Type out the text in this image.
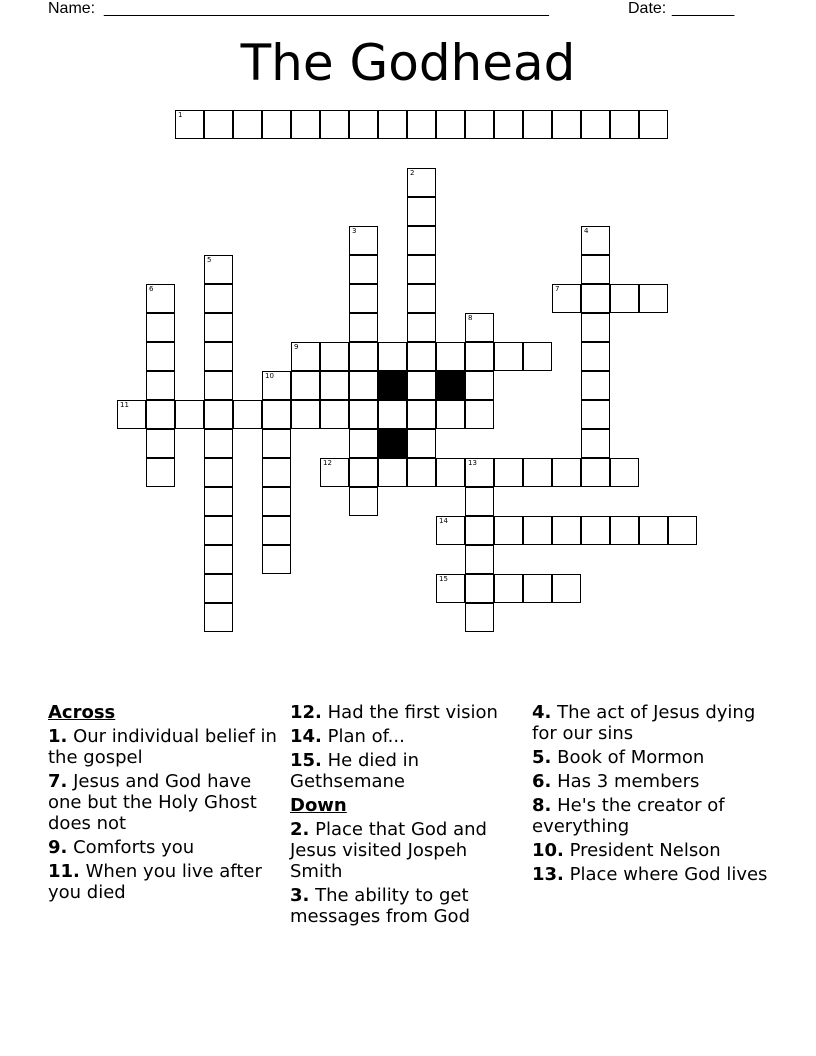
Name: __________________________________________________	Date: _______
The Godhead
1
7
9
10
11
12	13
14
15
2
3	4
5
6
8
Across
1. Our individual belief in the gospel
7. Jesus and God have one but the Holy Ghost does not
9. Comforts you
11. When you live after you died
12. Had the first vision
14. Plan of...
15. He died in Gethsemane
Down
2. Place that God and Jesus visited Jospeh Smith
3. The ability to get messages from God
4. The act of Jesus dying for our sins
5. Book of Mormon
6. Has 3 members
8. He's the creator of everything
10. President Nelson
13. Place where God lives
